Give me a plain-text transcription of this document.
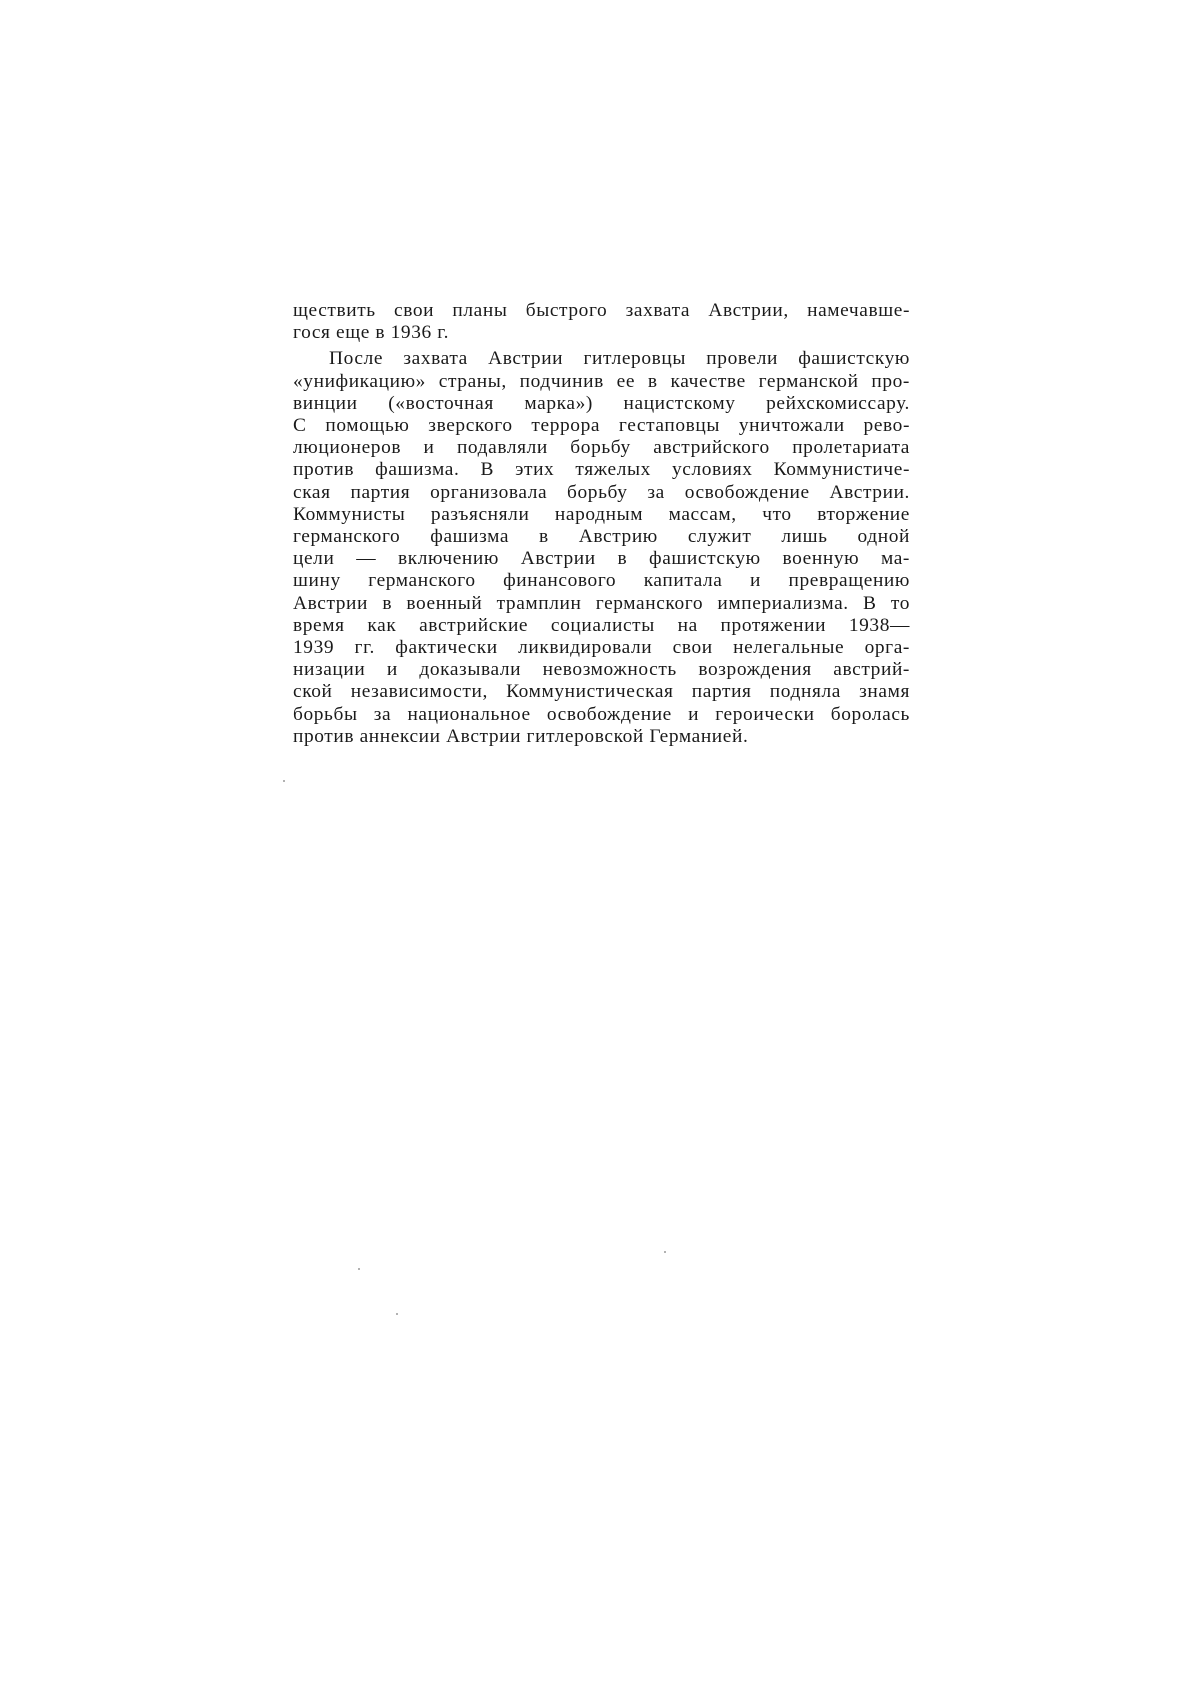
ществить свои планы быстрого захвата Австрии, намечавше-
гося еще в 1936 г.
После захвата Австрии гитлеровцы провели фашистскую
«унификацию» страны, подчинив ее в качестве германской про-
винции («восточная марка») нацистскому рейхскомиссару.
С помощью зверского террора гестаповцы уничтожали рево-
люционеров и подавляли борьбу австрийского пролетариата
против фашизма. В этих тяжелых условиях Коммунистиче-
ская партия организовала борьбу за освобождение Австрии.
Коммунисты разъясняли народным массам, что вторжение
германского фашизма в Австрию служит лишь одной
цели — включению Австрии в фашистскую военную ма-
шину германского финансового капитала и превращению
Австрии в военный трамплин германского империализма. В то
время как австрийские социалисты на протяжении 1938—
1939 гг. фактически ликвидировали свои нелегальные орга-
низации и доказывали невозможность возрождения австрий-
ской независимости, Коммунистическая партия подняла знамя
борьбы за национальное освобождение и героически боролась
против аннексии Австрии гитлеровской Германией.
